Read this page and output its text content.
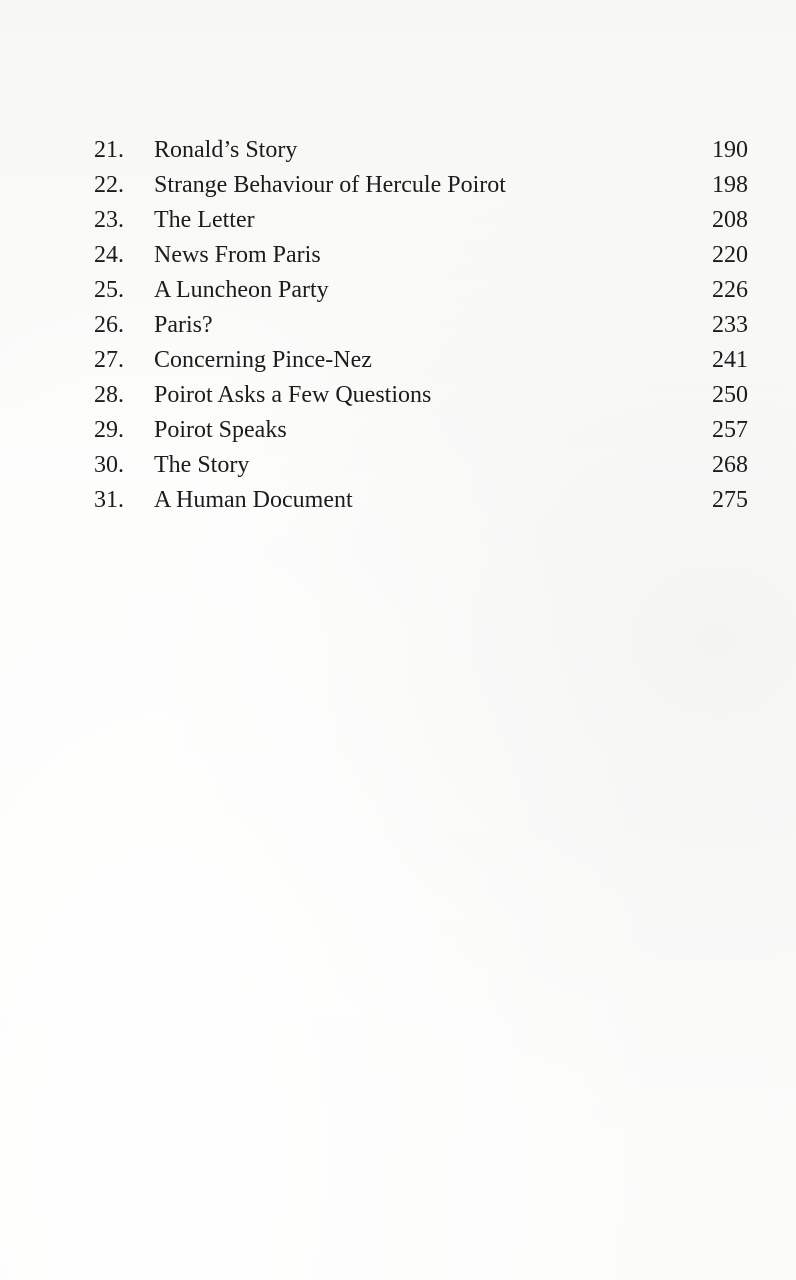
21.	Ronald’s Story	190
22.	Strange Behaviour of Hercule Poirot	198
23.	The Letter	208
24.	News From Paris	220
25.	A Luncheon Party	226
26.	Paris?	233
27.	Concerning Pince-Nez	241
28.	Poirot Asks a Few Questions	250
29.	Poirot Speaks	257
30.	The Story	268
31.	A Human Document	275
